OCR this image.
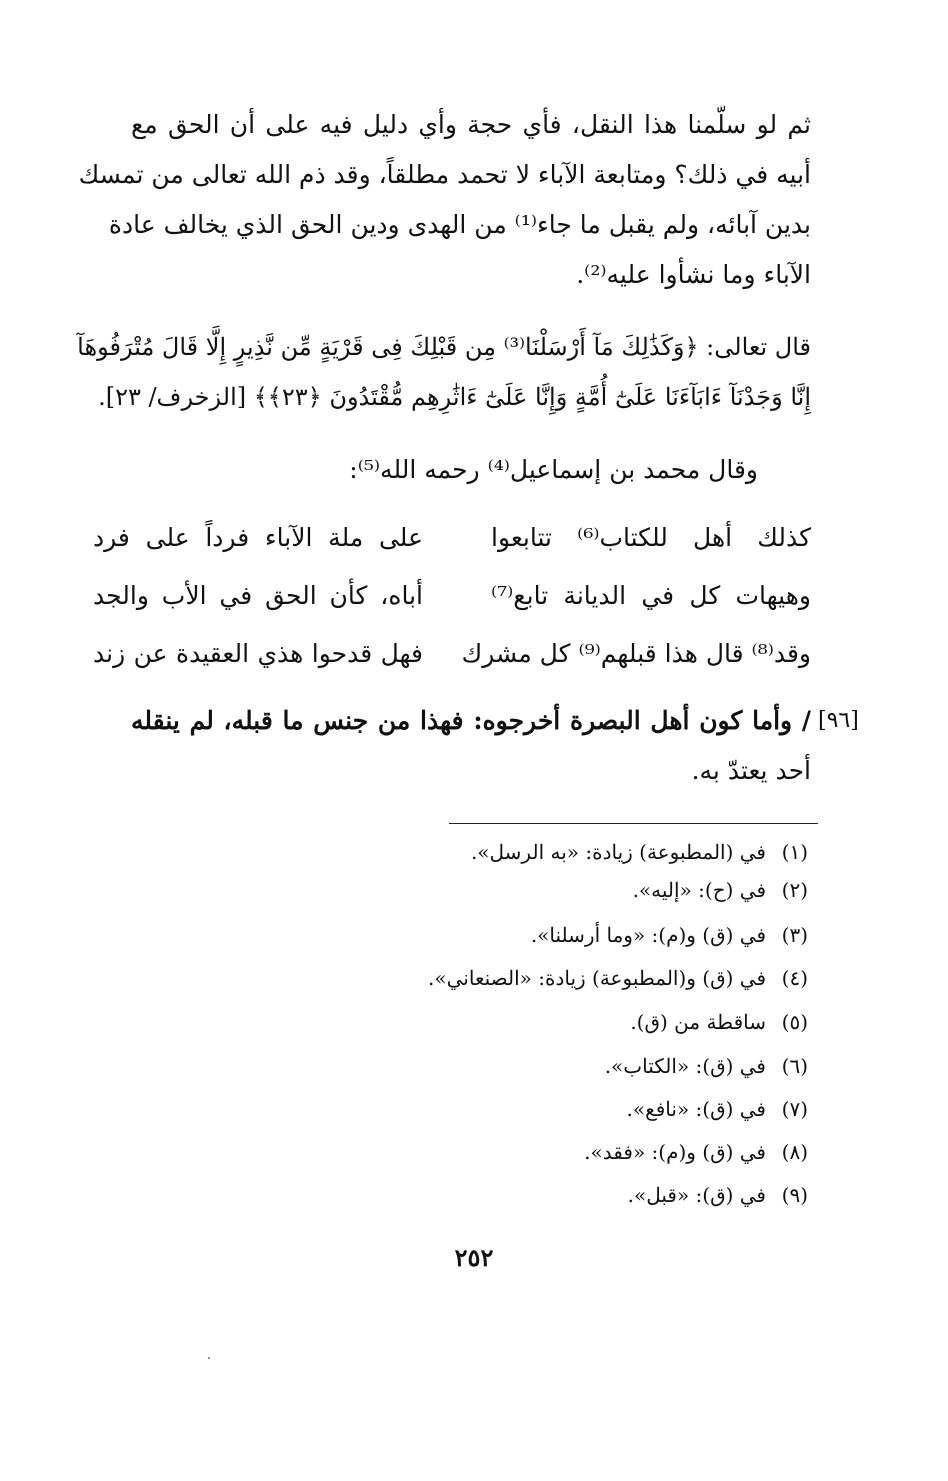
ثم لو سلّمنا هذا النقل، فأي حجة وأي دليل فيه على أن الحق مع
أبيه في ذلك؟ ومتابعة الآباء لا تحمد مطلقاً، وقد ذم الله تعالى من تمسك
بدين آبائه، ولم يقبل ما جاء⁽¹⁾ من الهدى ودين الحق الذي يخالف عادة
الآباء وما نشأوا عليه⁽²⁾.
قال تعالى: ﴿وَكَذَٰلِكَ مَآ أَرْسَلْنَا⁽³⁾ مِن قَبْلِكَ فِى قَرْيَةٍ مِّن نَّذِيرٍ إِلَّا قَالَ مُتْرَفُوهَآ
إِنَّا وَجَدْنَآ ءَابَآءَنَا عَلَىٰٓ أُمَّةٍ وَإِنَّا عَلَىٰٓ ءَاثَٰرِهِم مُّقْتَدُونَ ﴿٢٣﴾﴾ [الزخرف/ ٢٣].
وقال محمد بن إسماعيل⁽⁴⁾ رحمه الله⁽⁵⁾:
كذلك أهل للكتاب⁽⁶⁾ تتابعوا
على ملة الآباء فرداً على فرد
وهيهات كل في الديانة تابع⁽⁷⁾
أباه، كأن الحق في الأب والجد
وقد⁽⁸⁾ قال هذا قبلهم⁽⁹⁾ كل مشرك
فهل قدحوا هذي العقيدة عن زند
[٩٦]
/ وأما كون أهل البصرة أخرجوه: فهذا من جنس ما قبله، لم ينقله
أحد يعتدّ به.
(١)في (المطبوعة) زيادة: «به الرسل».
(٢)في (ح): «إليه».
(٣)في (ق) و(م): «وما أرسلنا».
(٤)في (ق) و(المطبوعة) زيادة: «الصنعاني».
(٥)ساقطة من (ق).
(٦)في (ق): «الكتاب».
(٧)في (ق): «نافع».
(٨)في (ق) و(م): «فقد».
(٩)في (ق): «قبل».
٢٥٢
